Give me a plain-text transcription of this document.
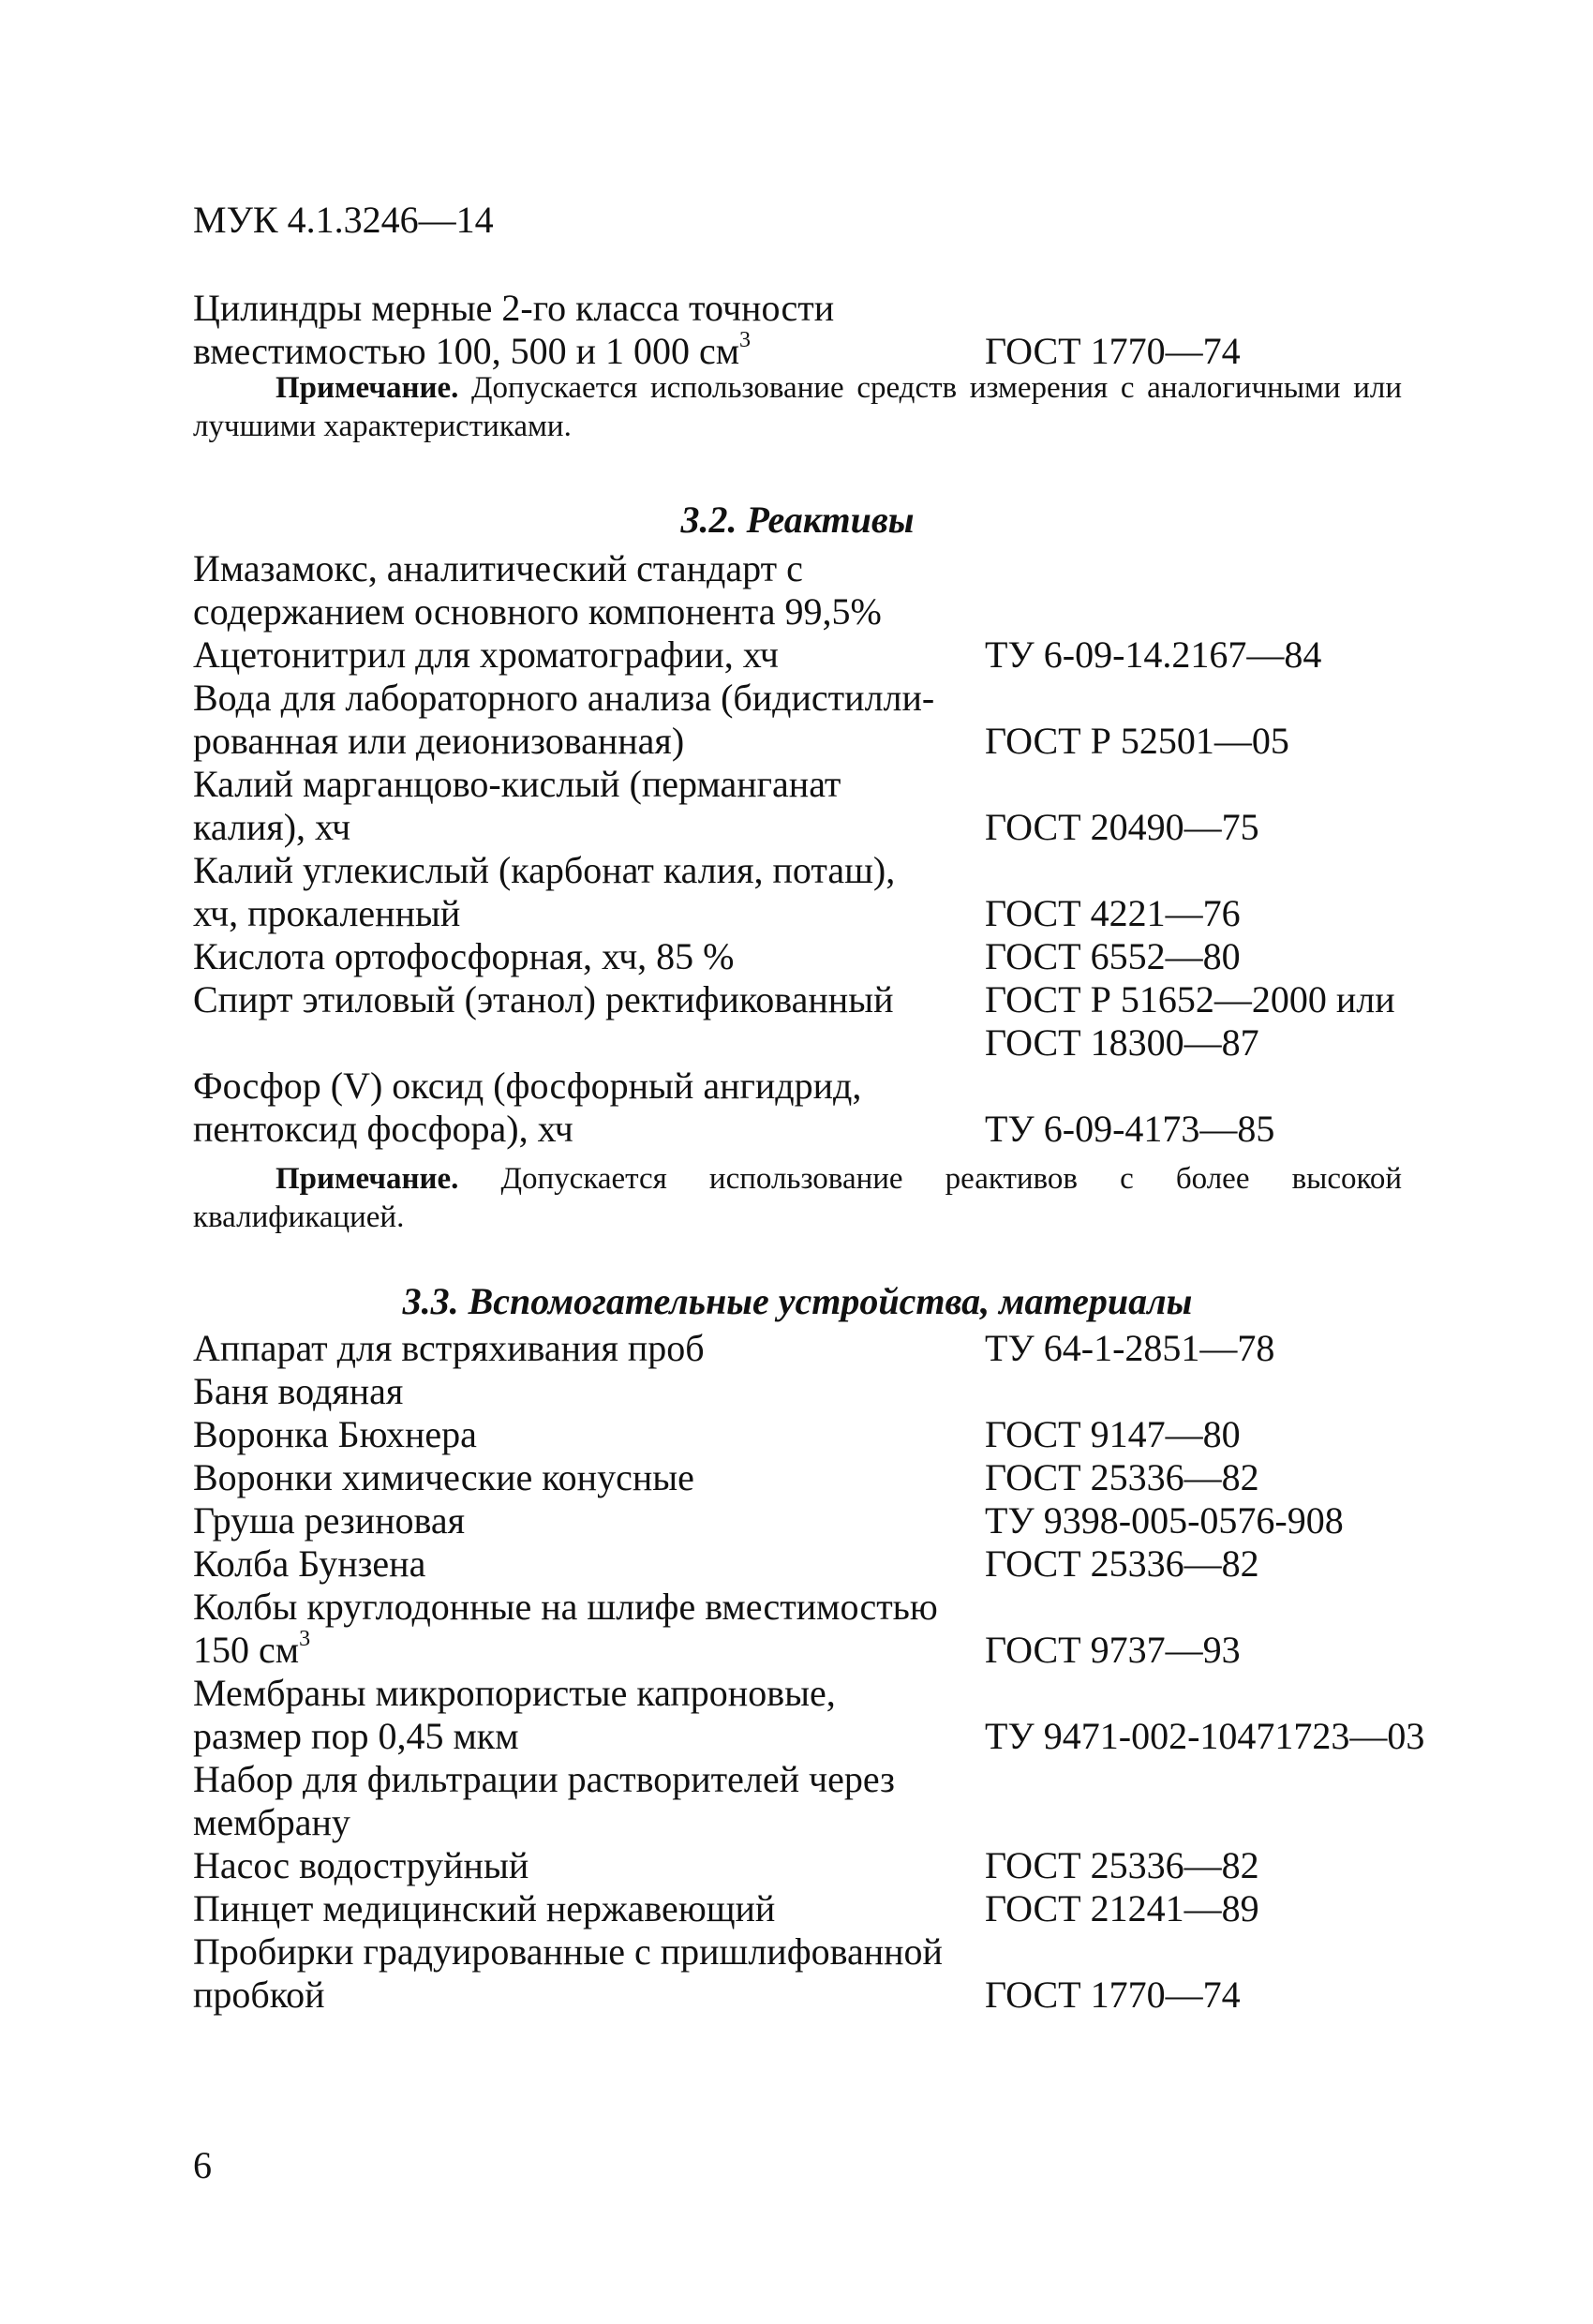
МУК 4.1.3246—14
Цилиндры мерные 2-го класса точности
вместимостью 100, 500 и 1 000 $см^3$	ГОСТ 1770—74
Примечание. Допускается использование средств измерения с аналогичными или лучшими характеристиками.
3.2. Реактивы
Имазамокс, аналитический стандарт с
содержанием основного компонента 99,5%
Ацетонитрил для хроматографии, хч	ТУ 6-09-14.2167—84
Вода для лабораторного анализа (бидистилли-
рованная или деионизованная)	ГОСТ Р 52501—05
Калий марганцово-кислый (перманганат
калия), хч	ГОСТ 20490—75
Калий углекислый (карбонат калия, поташ),
хч, прокаленный	ГОСТ 4221—76
Кислота ортофосфорная, хч, 85 %	ГОСТ 6552—80
Спирт этиловый (этанол) ректификованный ГОСТ Р 51652—2000 или
ГОСТ 18300—87
Фосфор (V) оксид (фосфорный ангидрид,
пентоксид фосфора), хч	ТУ 6-09-4173—85
Примечание. Допускается использование реактивов с более высокой квалификацией.
3.3. Вспомогательные устройства, материалы
Аппарат для встряхивания проб	ТУ 64-1-2851—78
Баня водяная
Воронка Бюхнера	ГОСТ 9147—80
Воронки химические конусные	ГОСТ 25336—82
Груша резиновая	ТУ 9398-005-0576-908
Колба Бунзена	ГОСТ 25336—82
Колбы круглодонные на шлифе вместимостью
150 $см^3$	ГОСТ 9737—93
Мембраны микропористые капроновые,
размер пор 0,45 мкм	ТУ 9471-002-10471723—03
Набор для фильтрации растворителей через
мембрану
Насос водоструйный	ГОСТ 25336—82
Пинцет медицинский нержавеющий	ГОСТ 21241—89
Пробирки градуированные с пришлифованной
пробкой	ГОСТ 1770—74
6
